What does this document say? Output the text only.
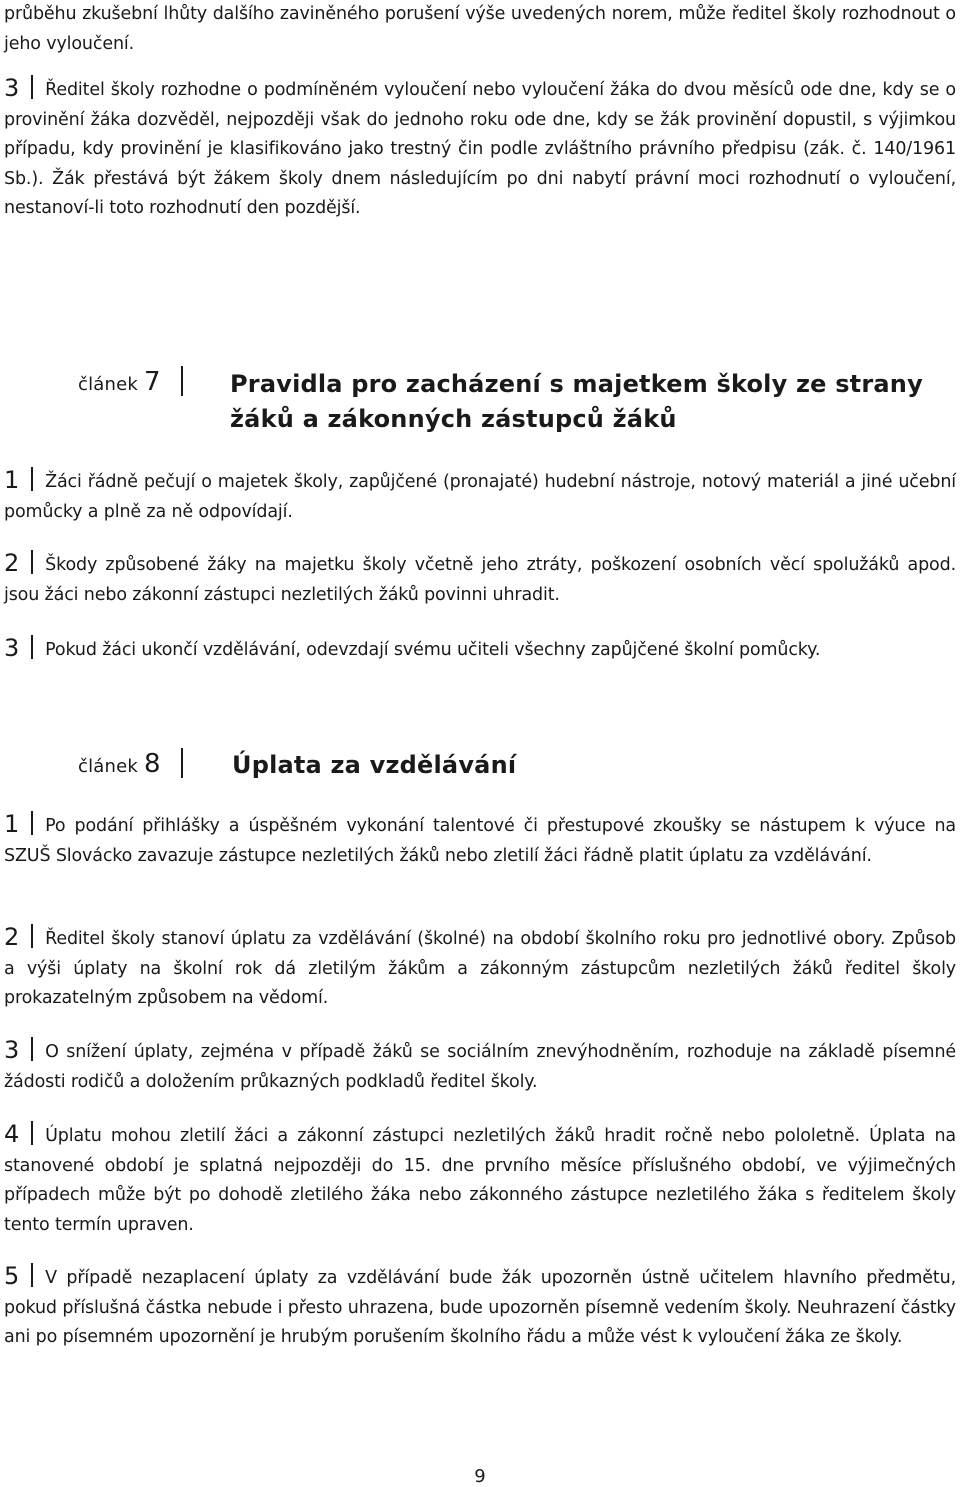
průběhu zkušební lhůty dalšího zaviněného porušení výše uvedených norem, může ředitel školy rozhodnout o jeho vyloučení.

3 Ředitel školy rozhodne o podmíněném vyloučení nebo vyloučení žáka do dvou měsíců ode dne, kdy se o provinění žáka dozvěděl, nejpozději však do jednoho roku ode dne, kdy se žák provinění dopustil, s výjimkou případu, kdy provinění je klasifikováno jako trestný čin podle zvláštního právního předpisu (zák. č. 140/1961 Sb.). Žák přestává být žákem školy dnem následujícím po dni nabytí právní moci rozhodnutí o vyloučení, nestanoví-li toto rozhodnutí den pozdější.

článek 7	Pravidla pro zacházení s majetkem školy ze strany žáků a zákonných zástupců žáků

1 Žáci řádně pečují o majetek školy, zapůjčené (pronajaté) hudební nástroje, notový materiál a jiné učební pomůcky a plně za ně odpovídají.

2 Škody způsobené žáky na majetku školy včetně jeho ztráty, poškození osobních věcí spolužáků apod. jsou žáci nebo zákonní zástupci nezletilých žáků povinni uhradit.

3 Pokud žáci ukončí vzdělávání, odevzdají svému učiteli všechny zapůjčené školní pomůcky.

článek 8	Úplata za vzdělávání

1 Po podání přihlášky a úspěšném vykonání talentové či přestupové zkoušky se nástupem k výuce na SZUŠ Slovácko zavazuje zástupce nezletilých žáků nebo zletilí žáci řádně platit úplatu za vzdělávání.

2 Ředitel školy stanoví úplatu za vzdělávání (školné) na období školního roku pro jednotlivé obory. Způsob a výši úplaty na školní rok dá zletilým žákům a zákonným zástupcům nezletilých žáků ředitel školy prokazatelným způsobem na vědomí.

3 O snížení úplaty, zejména v případě žáků se sociálním znevýhodněním, rozhoduje na základě písemné žádosti rodičů a doložením průkazných podkladů ředitel školy.

4 Úplatu mohou zletilí žáci a zákonní zástupci nezletilých žáků hradit ročně nebo pololetně. Úplata na stanovené období je splatná nejpozději do 15. dne prvního měsíce příslušného období, ve výjimečných případech může být po dohodě zletilého žáka nebo zákonného zástupce nezletilého žáka s ředitelem školy tento termín upraven.

5 V případě nezaplacení úplaty za vzdělávání bude žák upozorněn ústně učitelem hlavního předmětu, pokud příslušná částka nebude i přesto uhrazena, bude upozorněn písemně vedením školy. Neuhrazení částky ani po písemném upozornění je hrubým porušením školního řádu a může vést k vyloučení žáka ze školy.

9
